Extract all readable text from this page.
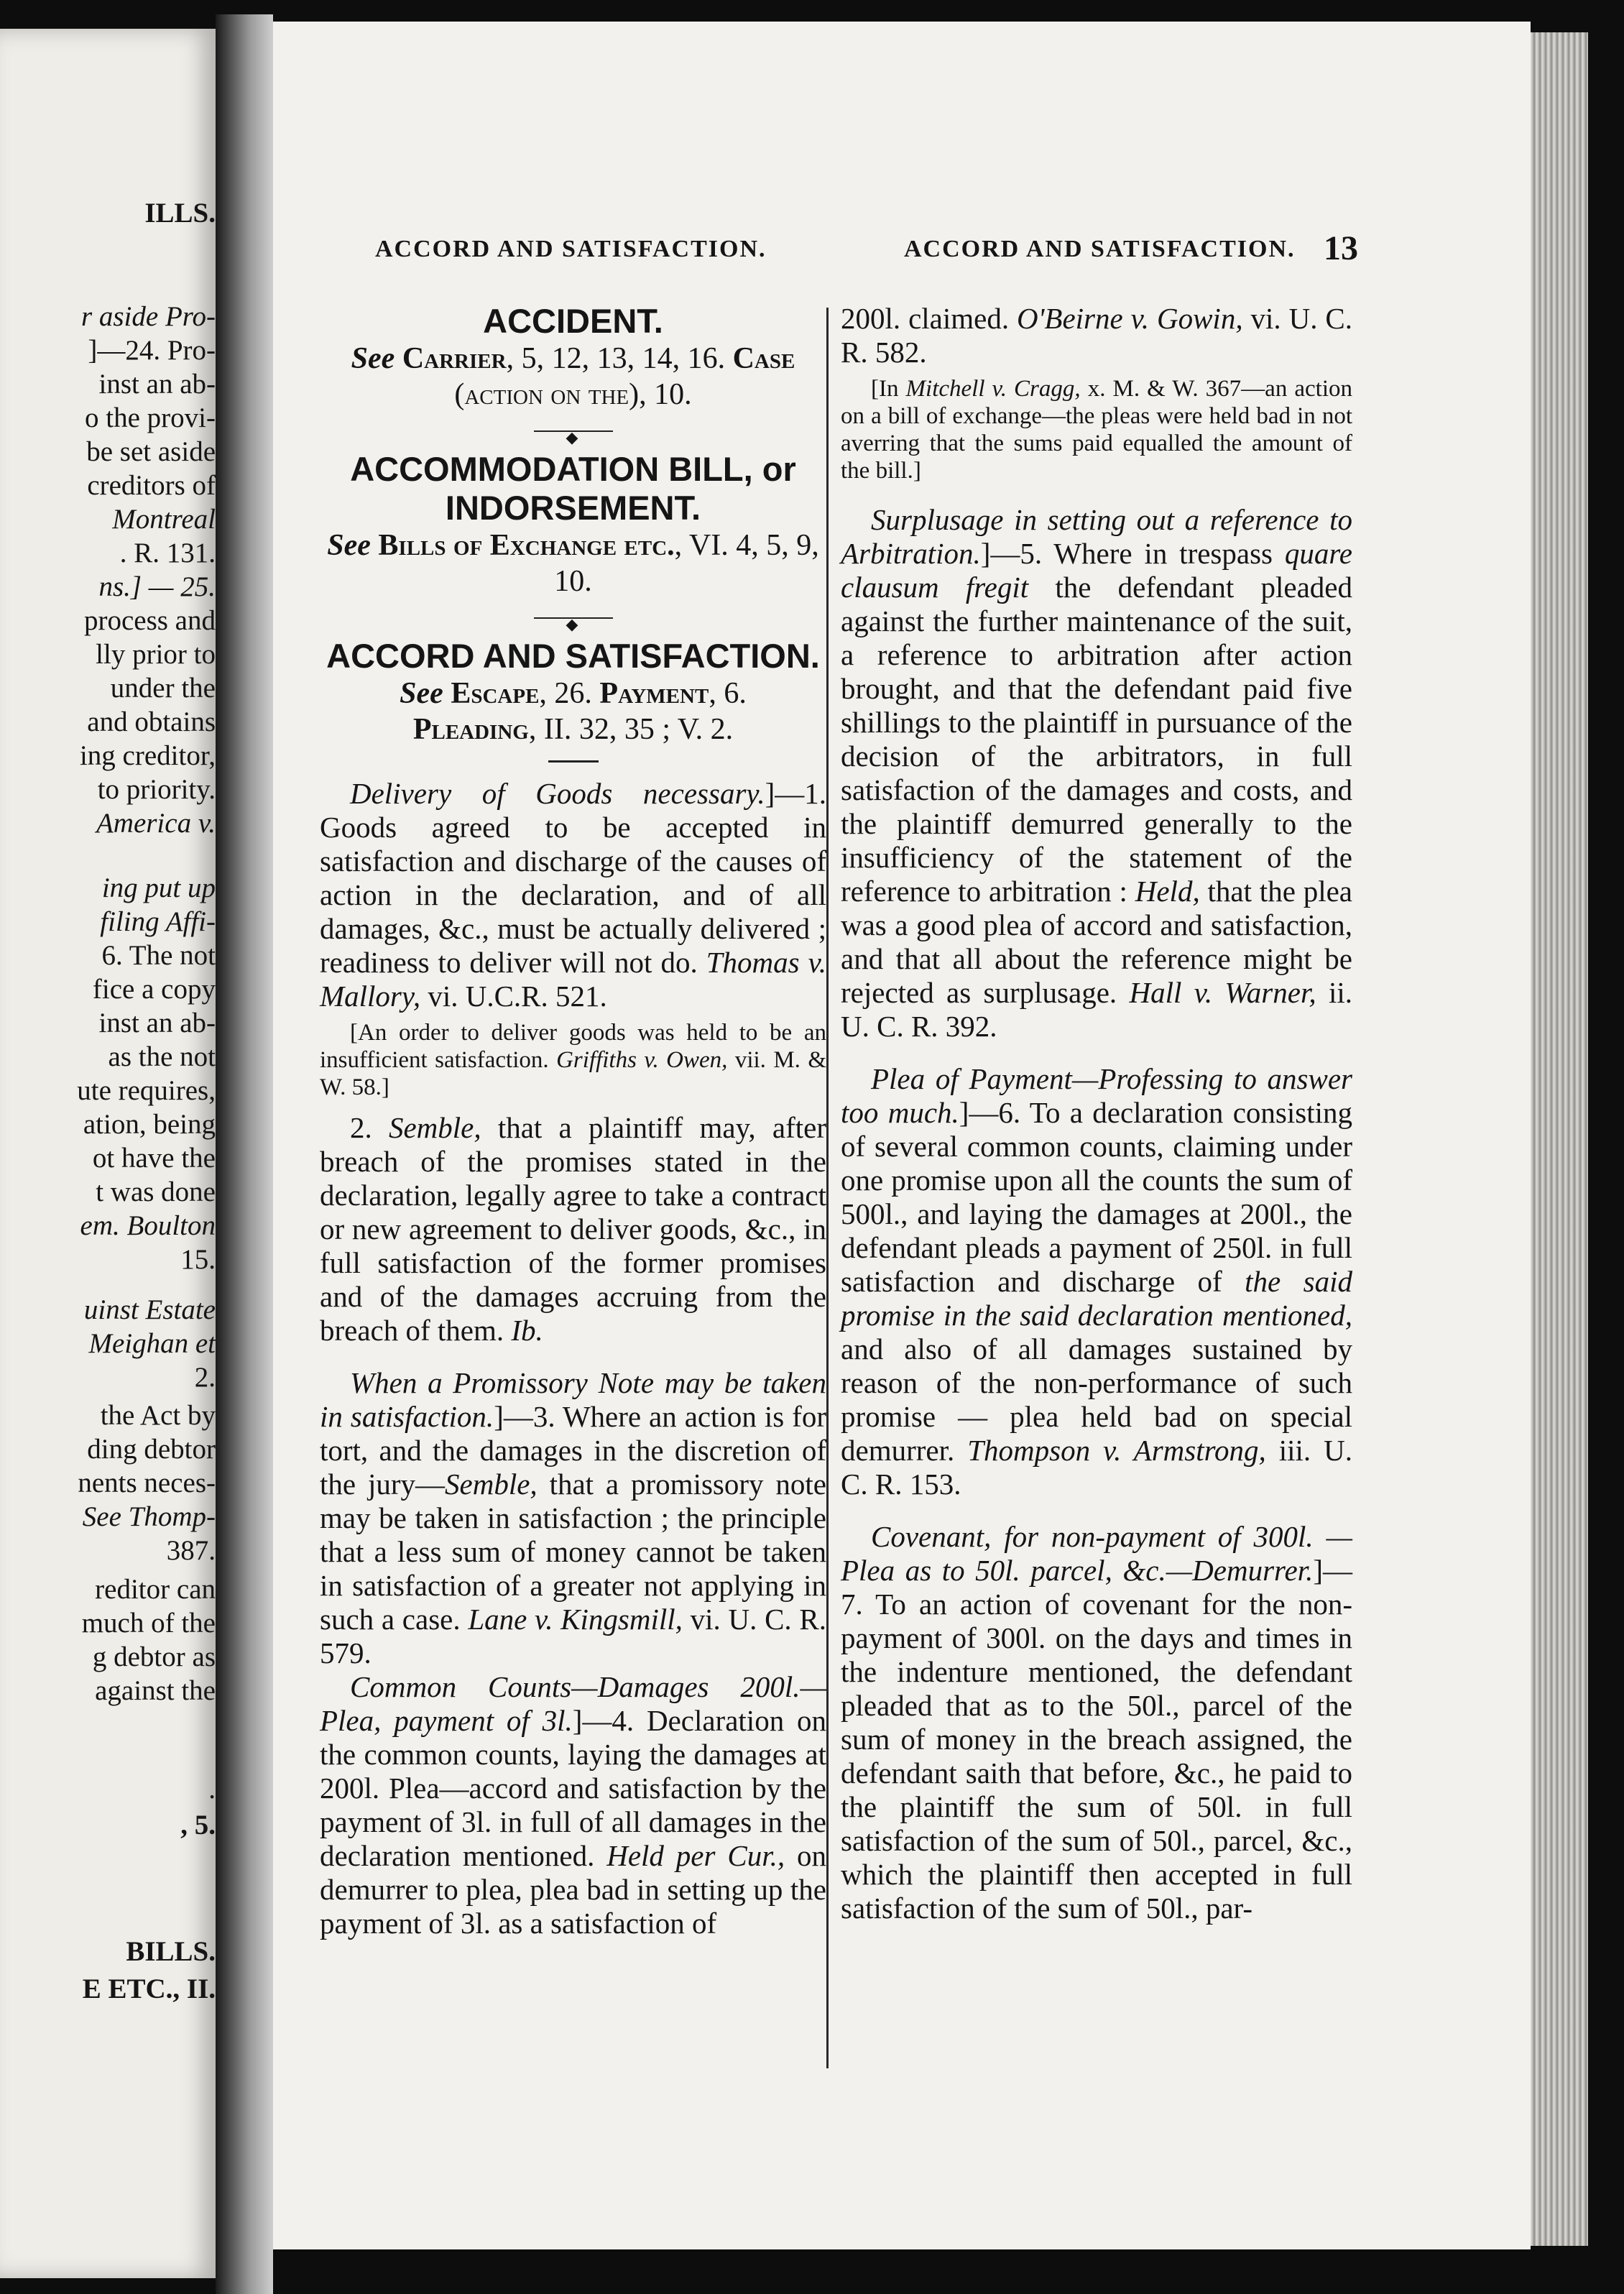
ILLS.
r aside Pro-
]—24. Pro-
inst an ab-
o the provi-
be set aside
creditors of
Montreal
. R. 131.
ns.] — 25.
process and
lly prior to
under the
and obtains
ing creditor,
to priority.
America v.
ing put up
filing Affi-
6. The not
fice a copy
inst an ab-
as the not
ute requires,
ation, being
ot have the
t was done
em. Boulton
15.
uinst Estate
Meighan et
2.
the Act by
ding debtor
nents neces-
See Thomp-
387.
reditor can
much of the
g debtor as
against the
.
, 5.
BILLS.
E ETC., II.
ACCORD AND SATISFACTION.	ACCORD AND SATISFACTION. 13
ACCIDENT.

See Carrier, 5, 12, 13, 14, 16. Case
(action on the), 10.

◆
ACCOMMODATION BILL, or INDORSEMENT.

See Bills of Exchange etc., VI. 4, 5, 9, 10.

◆
ACCORD AND SATISFACTION.

See Escape, 26. Payment, 6.
Pleading, II. 32, 35 ; V. 2.

Delivery of Goods necessary.]—1. Goods agreed to be accepted in satisfaction and discharge of the causes of action in the declaration, and of all damages, &c., must be actually delivered ; readiness to deliver will not do. Thomas v. Mallory, vi. U.C.R. 521.

[An order to deliver goods was held to be an insufficient satisfaction. Griffiths v. Owen, vii. M. & W. 58.]

2. Semble, that a plaintiff may, after breach of the promises stated in the declaration, legally agree to take a contract or new agreement to deliver goods, &c., in full satisfaction of the former promises and of the damages accruing from the breach of them. Ib.

When a Promissory Note may be taken in satisfaction.]—3. Where an action is for tort, and the damages in the discretion of the jury—Semble, that a promissory note may be taken in satisfaction ; the principle that a less sum of money cannot be taken in satisfaction of a greater not applying in such a case. Lane v. Kingsmill, vi. U. C. R. 579.

Common Counts—Damages 200l.—Plea, payment of 3l.]—4. Declaration on the common counts, laying the damages at 200l. Plea—accord and satisfaction by the payment of 3l. in full of all damages in the declaration mentioned. Held per Cur., on demurrer to plea, plea bad in setting up the payment of 3l. as a satisfaction of

200l. claimed. O'Beirne v. Gowin, vi. U. C. R. 582.

[In Mitchell v. Cragg, x. M. & W. 367—an action on a bill of exchange—the pleas were held bad in not averring that the sums paid equalled the amount of the bill.]

Surplusage in setting out a reference to Arbitration.]—5. Where in trespass quare clausum fregit the defendant pleaded against the further maintenance of the suit, a reference to arbitration after action brought, and that the defendant paid five shillings to the plaintiff in pursuance of the decision of the arbitrators, in full satisfaction of the damages and costs, and the plaintiff demurred generally to the insufficiency of the statement of the reference to arbitration : Held, that the plea was a good plea of accord and satisfaction, and that all about the reference might be rejected as surplusage. Hall v. Warner, ii. U. C. R. 392.

Plea of Payment—Professing to answer too much.]—6. To a declaration consisting of several common counts, claiming under one promise upon all the counts the sum of 500l., and laying the damages at 200l., the defendant pleads a payment of 250l. in full satisfaction and discharge of the said promise in the said declaration mentioned, and also of all damages sustained by reason of the non-performance of such promise — plea held bad on special demurrer. Thompson v. Armstrong, iii. U. C. R. 153.

Covenant, for non-payment of 300l. —Plea as to 50l. parcel, &c.—Demurrer.]—7. To an action of covenant for the non-payment of 300l. on the days and times in the indenture mentioned, the defendant pleaded that as to the 50l., parcel of the sum of money in the breach assigned, the defendant saith that before, &c., he paid to the plaintiff the sum of 50l. in full satisfaction of the sum of 50l., parcel, &c., which the plaintiff then accepted in full satisfaction of the sum of 50l., par-
